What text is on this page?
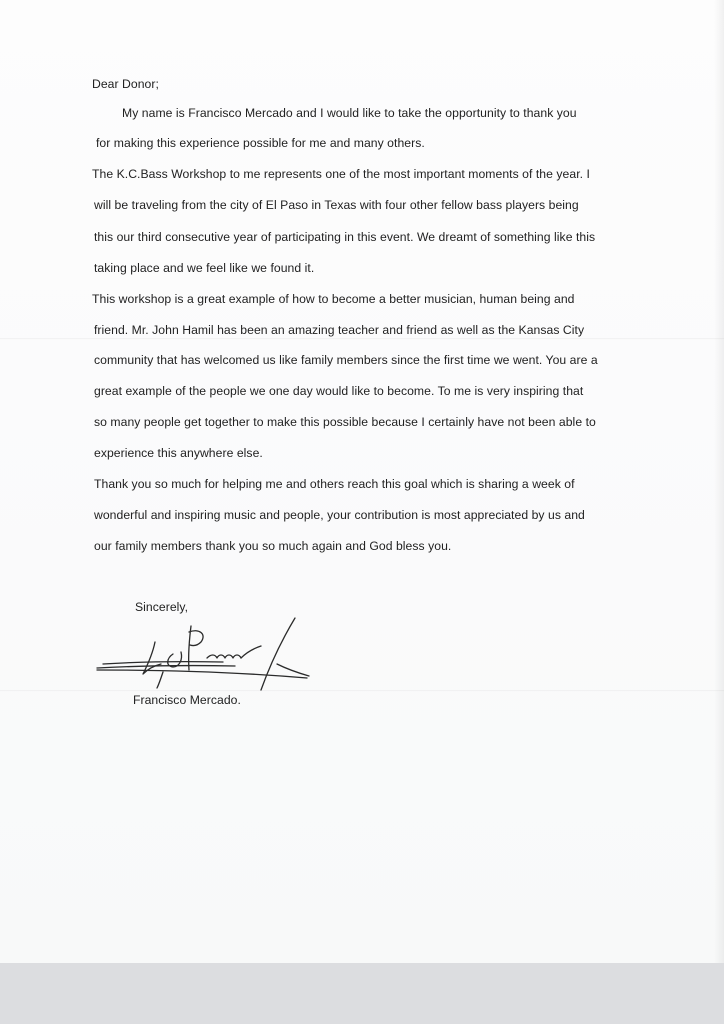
Dear Donor;
My name is Francisco Mercado and I would like to take the opportunity to thank you
for making this experience possible for me and many others.
The K.C.Bass Workshop to me represents one of the most important moments of the year. I
will be traveling from the city of El Paso in Texas with four other fellow bass players being
this our third consecutive year of participating in this event. We dreamt of something like this
taking place and we feel like we found it.
This workshop is a great example of how to become a better musician, human being and
friend. Mr. John Hamil has been an amazing teacher and friend as well as the Kansas City
community that has welcomed us like family members since the first time we went. You are a
great example of the people we one day would like to become. To me is very inspiring that
so many people get together to make this possible because I certainly have not been able to
experience this anywhere else.
Thank you so much for helping me and others reach this goal which is sharing a week of
wonderful and inspiring music and people, your contribution is most appreciated by us and
our family members thank you so much again and God bless you.
Sincerely,
Francisco Mercado.
